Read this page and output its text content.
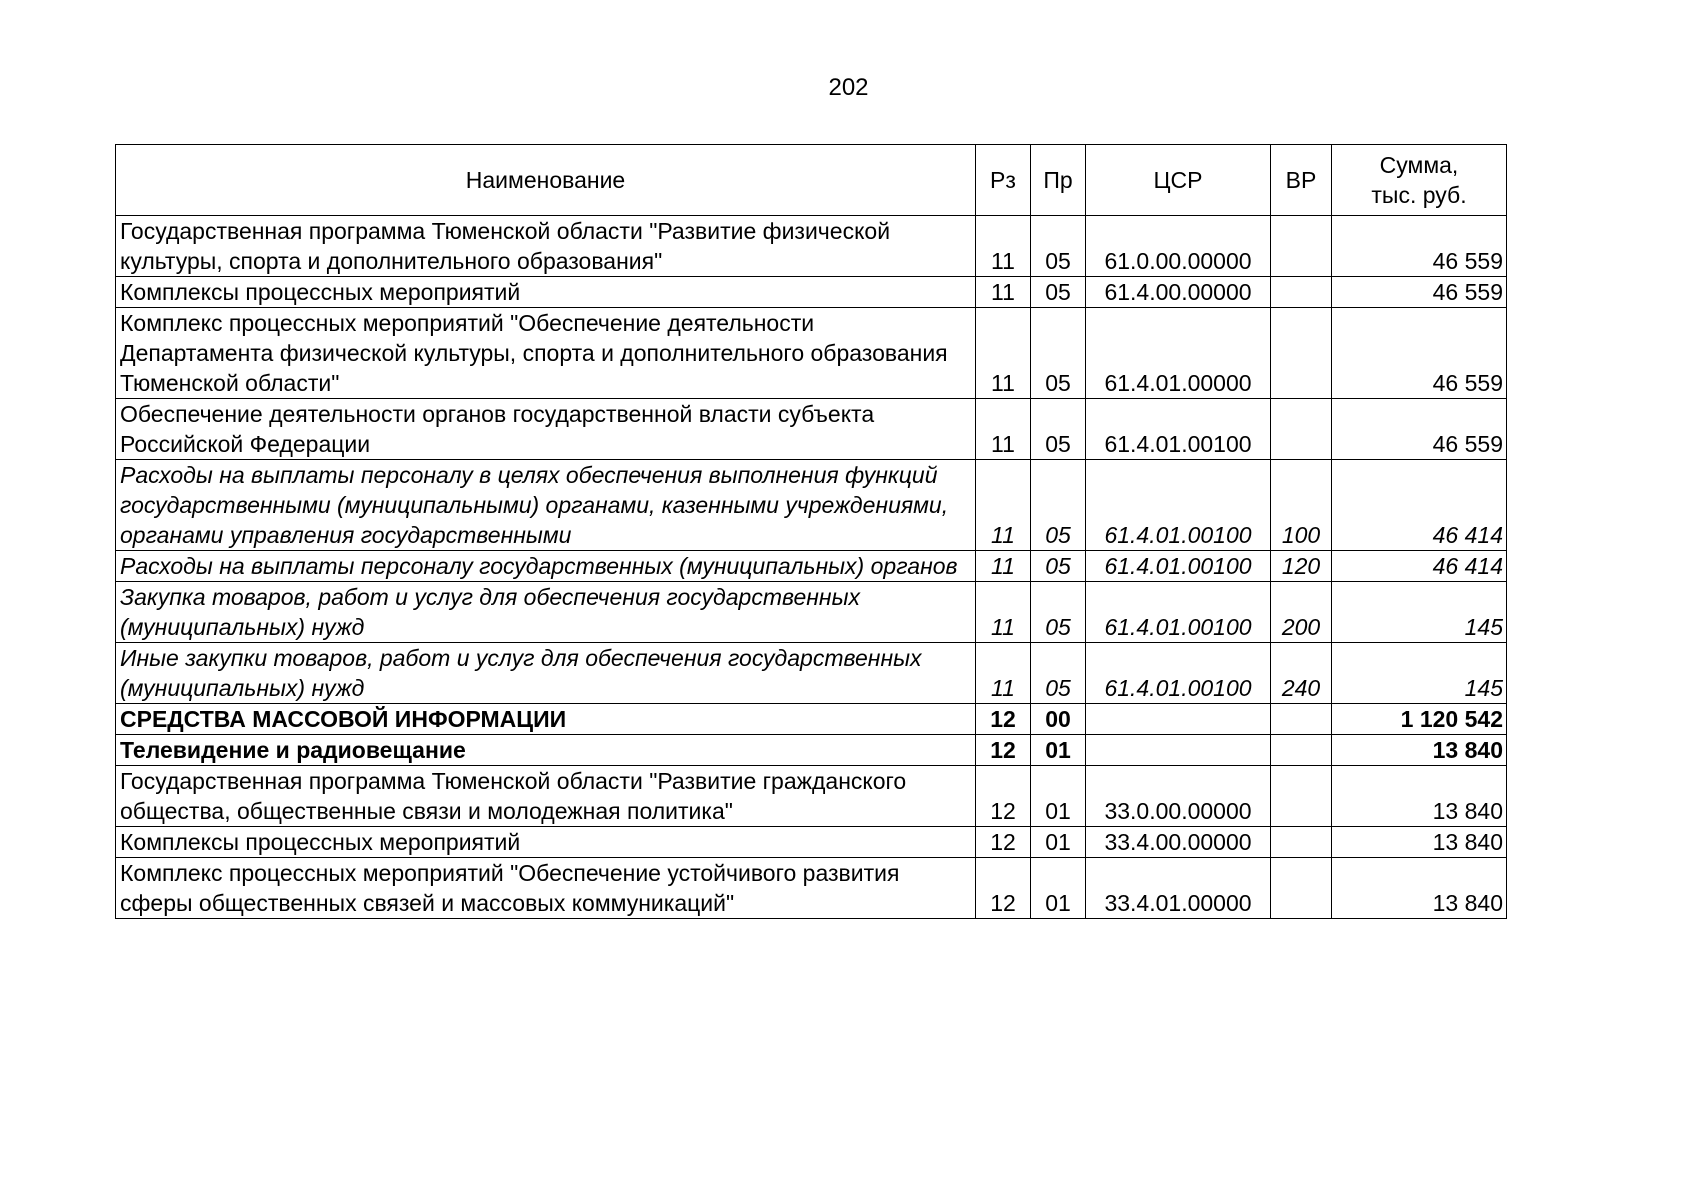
202
Наименование	Рз	Пр	ЦСР	ВР	Сумма,
тыс. руб.

Государственная программа Тюменской области "Развитие физической культуры, спорта и дополнительного образования"	11	05	61.0.00.00000		46 559
Комплексы процессных мероприятий	11	05	61.4.00.00000		46 559
Комплекс процессных мероприятий "Обеспечение деятельности Департамента физической культуры, спорта и дополнительного образования Тюменской области"	11	05	61.4.01.00000		46 559
Обеспечение деятельности органов государственной власти субъекта Российской Федерации	11	05	61.4.01.00100		46 559
Расходы на выплаты персоналу в целях обеспечения выполнения функций государственными (муниципальными) органами, казенными учреждениями, органами управления государственными	11	05	61.4.01.00100	100	46 414
Расходы на выплаты персоналу государственных (муниципальных) органов	11	05	61.4.01.00100	120	46 414
Закупка товаров, работ и услуг для обеспечения государственных (муниципальных) нужд	11	05	61.4.01.00100	200	145
Иные закупки товаров, работ и услуг для обеспечения государственных (муниципальных) нужд	11	05	61.4.01.00100	240	145
СРЕДСТВА МАССОВОЙ ИНФОРМАЦИИ	12	00			1 120 542
Телевидение и радиовещание	12	01			13 840
Государственная программа Тюменской области "Развитие гражданского общества, общественные связи и молодежная политика"	12	01	33.0.00.00000		13 840
Комплексы процессных мероприятий	12	01	33.4.00.00000		13 840
Комплекс процессных мероприятий "Обеспечение устойчивого развития сферы общественных связей и массовых коммуникаций"	12	01	33.4.01.00000		13 840
